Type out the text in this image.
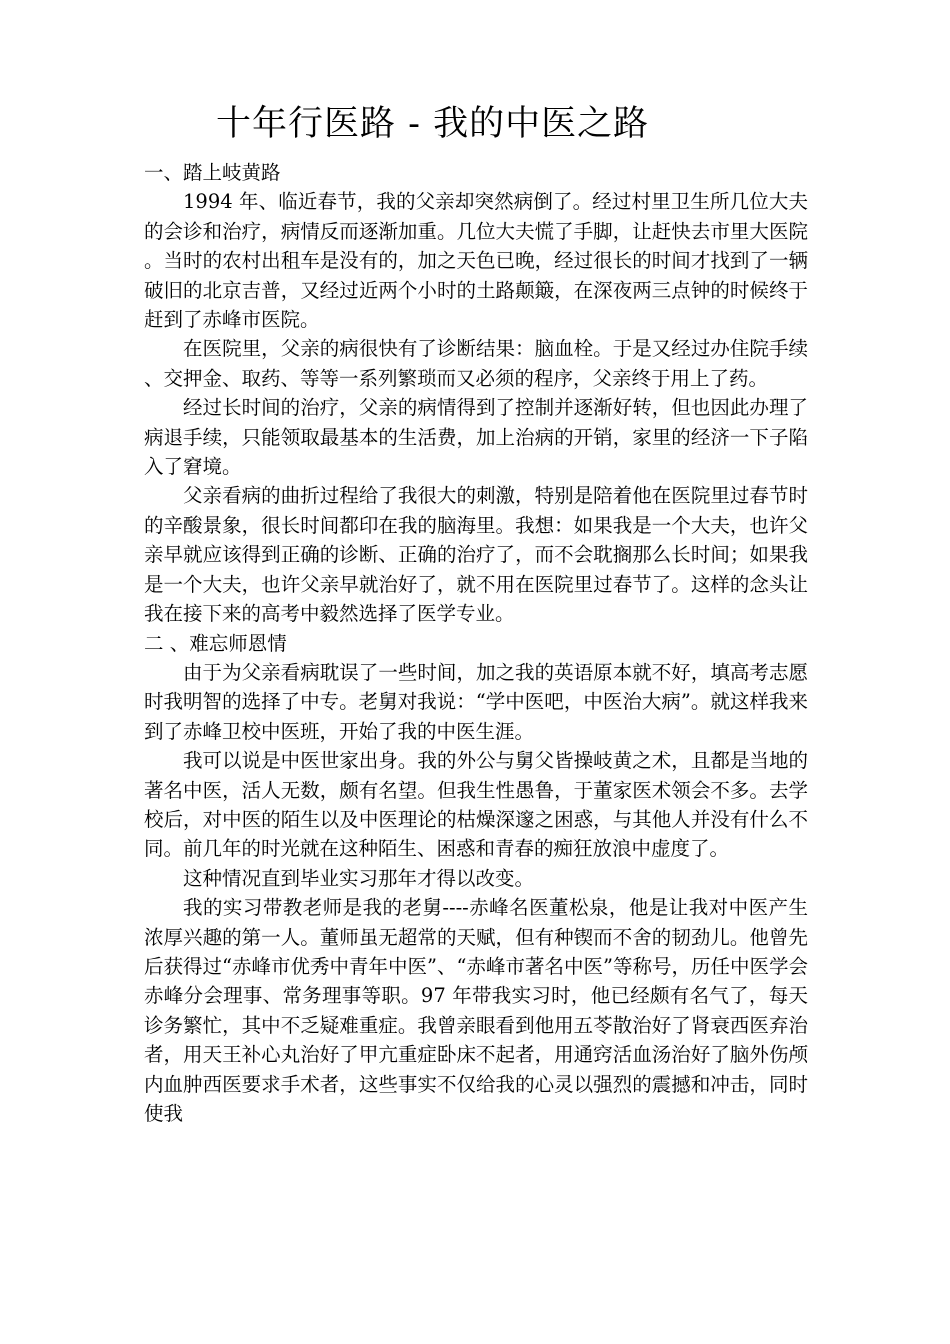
十年行医路 - 我的中医之路

一、踏上岐黄路

1994 年、临近春节，我的父亲却突然病倒了。经过村里卫生所几位大夫的会诊和治疗，病情反而逐渐加重。几位大夫慌了手脚，让赶快去市里大医院。当时的农村出租车是没有的，加之天色已晚，经过很长的时间才找到了一辆破旧的北京吉普，又经过近两个小时的土路颠簸，在深夜两三点钟的时候终于赶到了赤峰市医院。

在医院里，父亲的病很快有了诊断结果：脑血栓。于是又经过办住院手续、交押金、取药、等等一系列繁琐而又必须的程序，父亲终于用上了药。

经过长时间的治疗，父亲的病情得到了控制并逐渐好转，但也因此办理了病退手续，只能领取最基本的生活费，加上治病的开销，家里的经济一下子陷入了窘境。

父亲看病的曲折过程给了我很大的刺激，特别是陪着他在医院里过春节时的辛酸景象，很长时间都印在我的脑海里。我想：如果我是一个大夫，也许父亲早就应该得到正确的诊断、正确的治疗了，而不会耽搁那么长时间；如果我是一个大夫，也许父亲早就治好了，就不用在医院里过春节了。这样的念头让我在接下来的高考中毅然选择了医学专业。

二 、难忘师恩情

由于为父亲看病耽误了一些时间，加之我的英语原本就不好，填高考志愿时我明智的选择了中专。老舅对我说：“学中医吧，中医治大病”。就这样我来到了赤峰卫校中医班，开始了我的中医生涯。

我可以说是中医世家出身。我的外公与舅父皆操岐黄之术，且都是当地的著名中医，活人无数，颇有名望。但我生性愚鲁，于董家医术领会不多。去学校后，对中医的陌生以及中医理论的枯燥深邃之困惑，与其他人并没有什么不同。前几年的时光就在这种陌生、困惑和青春的痴狂放浪中虚度了。

这种情况直到毕业实习那年才得以改变。

我的实习带教老师是我的老舅----赤峰名医董松泉，他是让我对中医产生浓厚兴趣的第一人。董师虽无超常的天赋，但有种锲而不舍的韧劲儿。他曾先后获得过“赤峰市优秀中青年中医”、“赤峰市著名中医”等称号，历任中医学会赤峰分会理事、常务理事等职。97 年带我实习时，他已经颇有名气了，每天诊务繁忙，其中不乏疑难重症。我曾亲眼看到他用五苓散治好了肾衰西医弃治者，用天王补心丸治好了甲亢重症卧床不起者，用通窍活血汤治好了脑外伤颅内血肿西医要求手术者，这些事实不仅给我的心灵以强烈的震撼和冲击，同时使我
